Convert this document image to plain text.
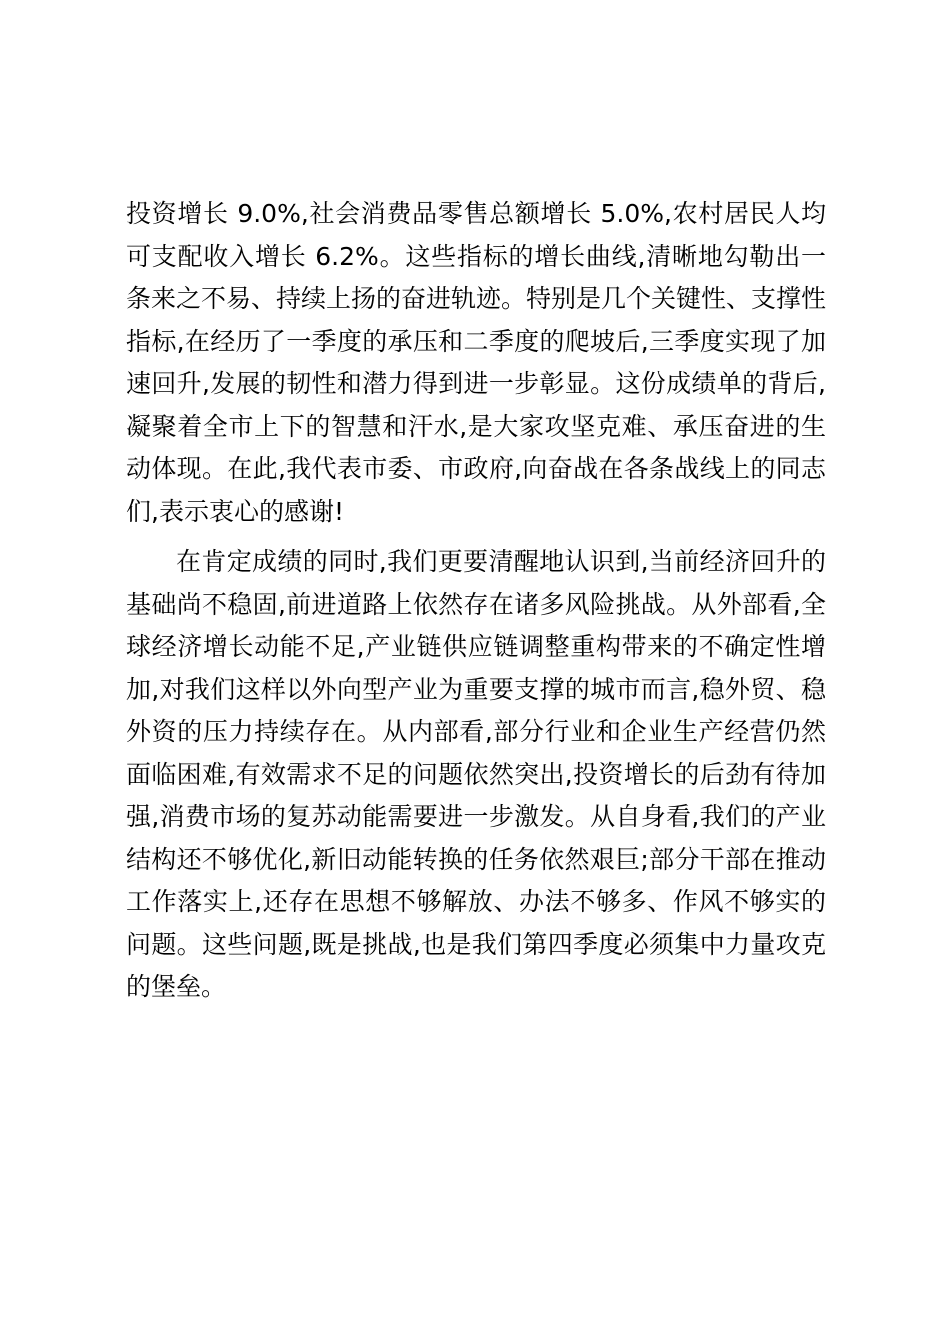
投资增长 9.0%,社会消费品零售总额增长 5.0%,农村居民人均可支配收入增长 6.2%。这些指标的增长曲线,清晰地勾勒出一条来之不易、持续上扬的奋进轨迹。特别是几个关键性、支撑性指标,在经历了一季度的承压和二季度的爬坡后,三季度实现了加速回升,发展的韧性和潜力得到进一步彰显。这份成绩单的背后,凝聚着全市上下的智慧和汗水,是大家攻坚克难、承压奋进的生动体现。在此,我代表市委、市政府,向奋战在各条战线上的同志们,表示衷心的感谢!

在肯定成绩的同时,我们更要清醒地认识到,当前经济回升的基础尚不稳固,前进道路上依然存在诸多风险挑战。从外部看,全球经济增长动能不足,产业链供应链调整重构带来的不确定性增加,对我们这样以外向型产业为重要支撑的城市而言,稳外贸、稳外资的压力持续存在。从内部看,部分行业和企业生产经营仍然面临困难,有效需求不足的问题依然突出,投资增长的后劲有待加强,消费市场的复苏动能需要进一步激发。从自身看,我们的产业结构还不够优化,新旧动能转换的任务依然艰巨;部分干部在推动工作落实上,还存在思想不够解放、办法不够多、作风不够实的问题。这些问题,既是挑战,也是我们第四季度必须集中力量攻克的堡垒。
